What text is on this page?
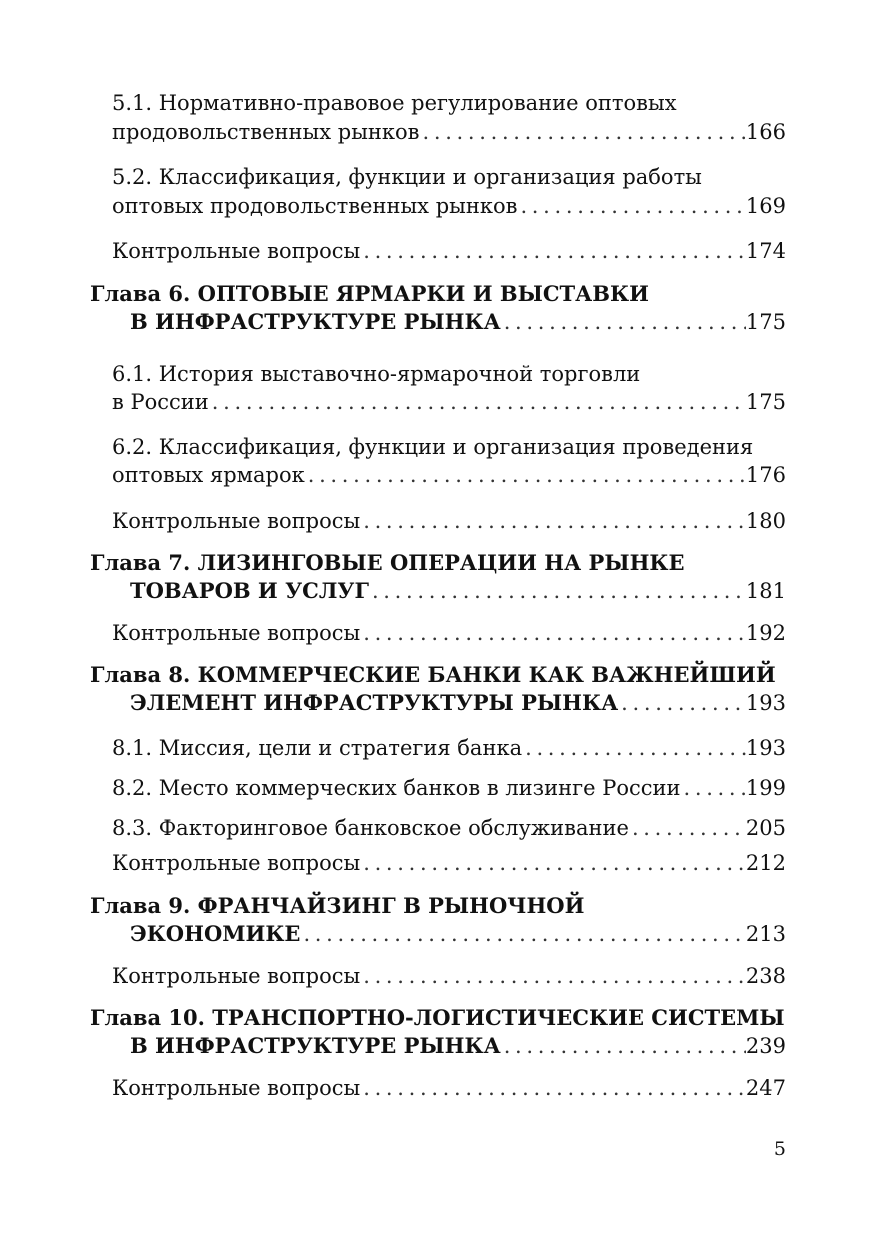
5.1. Нормативно-правовое регулирование оптовых
продовольственных рынков . . .	166
5.2. Классификация, функции и организация работы
оптовых продовольственных рынков . . .	169
Контрольные вопросы . . .	174
Глава 6. ОПТОВЫЕ ЯРМАРКИ И ВЫСТАВКИ
В ИНФРАСТРУКТУРЕ РЫНКА . . .	175
6.1. История выставочно-ярмарочной торговли
в России . . .	175
6.2. Классификация, функции и организация проведения
оптовых ярмарок . . .	176
Контрольные вопросы . . .	180
Глава 7. ЛИЗИНГОВЫЕ ОПЕРАЦИИ НА РЫНКЕ
ТОВАРОВ И УСЛУГ . . .	181
Контрольные вопросы . . .	192
Глава 8. КОММЕРЧЕСКИЕ БАНКИ КАК ВАЖНЕЙШИЙ
ЭЛЕМЕНТ ИНФРАСТРУКТУРЫ РЫНКА . . .	193
8.1. Миссия, цели и стратегия банка . . .	193
8.2. Место коммерческих банков в лизинге России . . .	199
8.3. Факторинговое банковское обслуживание . . .	205
Контрольные вопросы . . .	212
Глава 9. ФРАНЧАЙЗИНГ В РЫНОЧНОЙ
ЭКОНОМИКЕ . . .	213
Контрольные вопросы . . .	238
Глава 10. ТРАНСПОРТНО-ЛОГИСТИЧЕСКИЕ СИСТЕМЫ
В ИНФРАСТРУКТУРЕ РЫНКА . . .	239
Контрольные вопросы . . .	247
5
